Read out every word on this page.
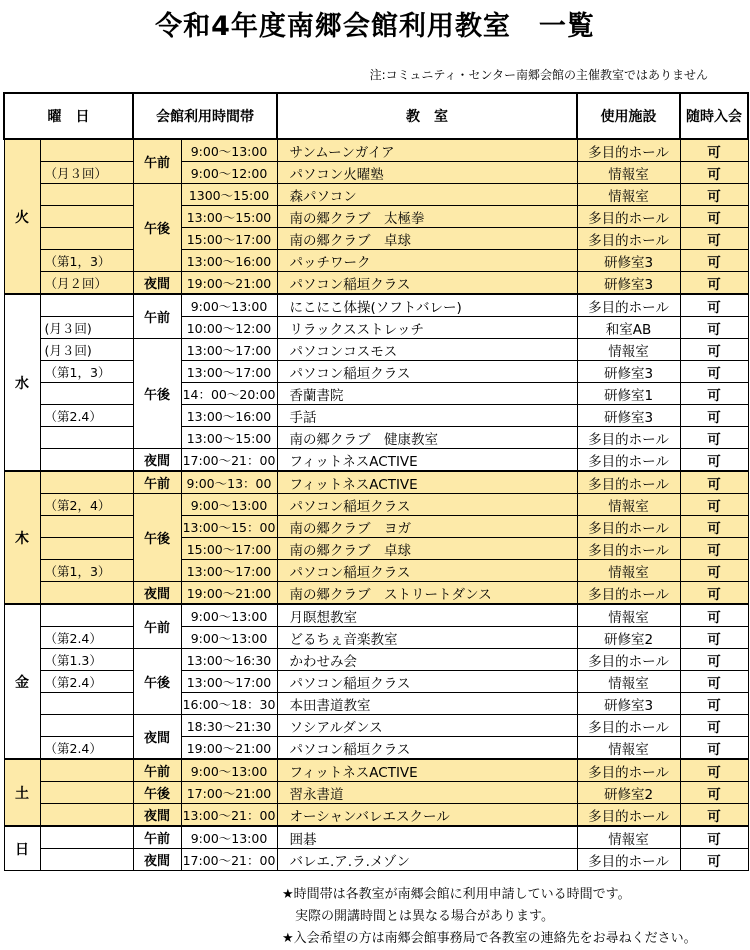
令和4年度南郷会館利用教室　一覧
注:コミュニティ・センター南郷会館の主催教室ではありません
曜　日		会館利用時間帯		教　室	使用施設	随時入会
火		午前	9:00～13:00	サンムーンガイア	多目的ホール	可
	（月３回）		9:00～12:00	パソコン火曜塾	情報室	可
		午後	1300～15:00	森パソコン	情報室	可
			13:00～15:00	南の郷クラブ　太極拳	多目的ホール	可
			15:00～17:00	南の郷クラブ　卓球	多目的ホール	可
	（第1，3）		13:00～16:00	パッチワーク	研修室3	可
	（月２回）	夜間	19:00～21:00	パソコン稲垣クラス	研修室3	可
水		午前	9:00～13:00	にこにこ体操(ソフトバレー)	多目的ホール	可
	(月３回)		10:00～12:00	リラックスストレッチ	和室AB	可
	(月３回)	午後	13:00～17:00	パソコンコスモス	情報室	可
	（第1，3）		13:00～17:00	パソコン稲垣クラス	研修室3	可
			14：00～20:00	香蘭書院	研修室1	可
	（第2.4）		13:00～16:00	手話	研修室3	可
			13:00～15:00	南の郷クラブ　健康教室	多目的ホール	可
		夜間	17:00～21：00	フィットネスACTIVE	多目的ホール	可
木		午前	9:00～13：00	フィットネスACTIVE	多目的ホール	可
	（第2，4）	午後	9:00～13:00	パソコン稲垣クラス	情報室	可
			13:00～15：00	南の郷クラブ　ヨガ	多目的ホール	可
			15:00～17:00	南の郷クラブ　卓球	多目的ホール	可
	（第1，3）		13:00～17:00	パソコン稲垣クラス	情報室	可
		夜間	19:00～21:00	南の郷クラブ　ストリートダンス	多目的ホール	可
金		午前	9:00～13:00	月瞑想教室	情報室	可
	（第2.4）		9:00～13:00	どるちぇ音楽教室	研修室2	可
	（第1.3）	午後	13:00～16:30	かわせみ会	多目的ホール	可
	（第2.4）		13:00～17:00	パソコン稲垣クラス	情報室	可
			16:00～18：30	本田書道教室	研修室3	可
		夜間	18:30～21:30	ソシアルダンス	多目的ホール	可
	（第2.4）		19:00～21:00	パソコン稲垣クラス	情報室	可
土		午前	9:00～13:00	フィットネスACTIVE	多目的ホール	可
		午後	17:00～21:00	習永書道	研修室2	可
		夜間	13:00～21：00	オーシャンバレエスクール	多目的ホール	可
日		午前	9:00～13:00	囲碁	情報室	可
		夜間	17:00～21：00	バレエ.ア.ラ.メゾン	多目的ホール	可
★時間帯は各教室が南郷会館に利用申請している時間です。
　実際の開講時間とは異なる場合があります。
★入会希望の方は南郷会館事務局で各教室の連絡先をお尋ねください。
